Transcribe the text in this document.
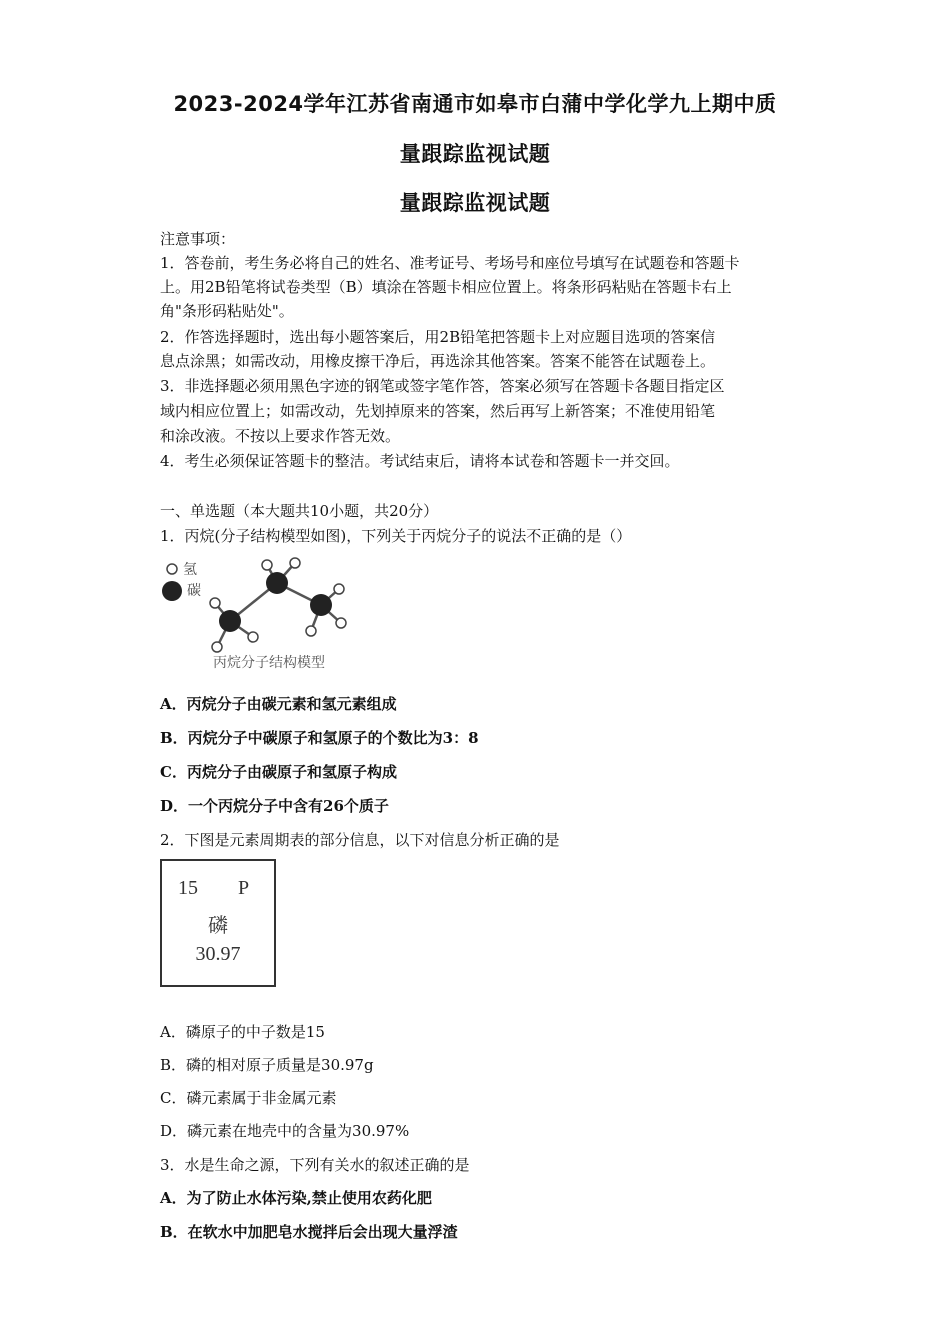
2023-2024学年江苏省南通市如皋市白蒲中学化学九上期中质
量跟踪监视试题
量跟踪监视试题
注意事项：
1．答卷前，考生务必将自己的姓名、准考证号、考场号和座位号填写在试题卷和答题卡
上。用2B铅笔将试卷类型（B）填涂在答题卡相应位置上。将条形码粘贴在答题卡右上
角"条形码粘贴处"。
2．作答选择题时，选出每小题答案后，用2B铅笔把答题卡上对应题目选项的答案信
息点涂黑；如需改动，用橡皮擦干净后，再选涂其他答案。答案不能答在试题卷上。
3．非选择题必须用黑色字迹的钢笔或签字笔作答，答案必须写在答题卡各题目指定区
域内相应位置上；如需改动，先划掉原来的答案，然后再写上新答案；不准使用铅笔
和涂改液。不按以上要求作答无效。
4．考生必须保证答题卡的整洁。考试结束后，请将本试卷和答题卡一并交回。
一、单选题（本大题共10小题，共20分）
1．丙烷(分子结构模型如图)，下列关于丙烷分子的说法不正确的是（）
氢
碳
丙烷分子结构模型
A．丙烷分子由碳元素和氢元素组成
B．丙烷分子中碳原子和氢原子的个数比为3：8
C．丙烷分子由碳原子和氢原子构成
D．一个丙烷分子中含有26个质子
2．下图是元素周期表的部分信息，以下对信息分析正确的是
15 P
磷
30.97
A．磷原子的中子数是15
B．磷的相对原子质量是30.97g
C．磷元素属于非金属元素
D．磷元素在地壳中的含量为30.97%
3．水是生命之源，下列有关水的叙述正确的是
A．为了防止水体污染,禁止使用农药化肥
B．在软水中加肥皂水搅拌后会出现大量浮渣
